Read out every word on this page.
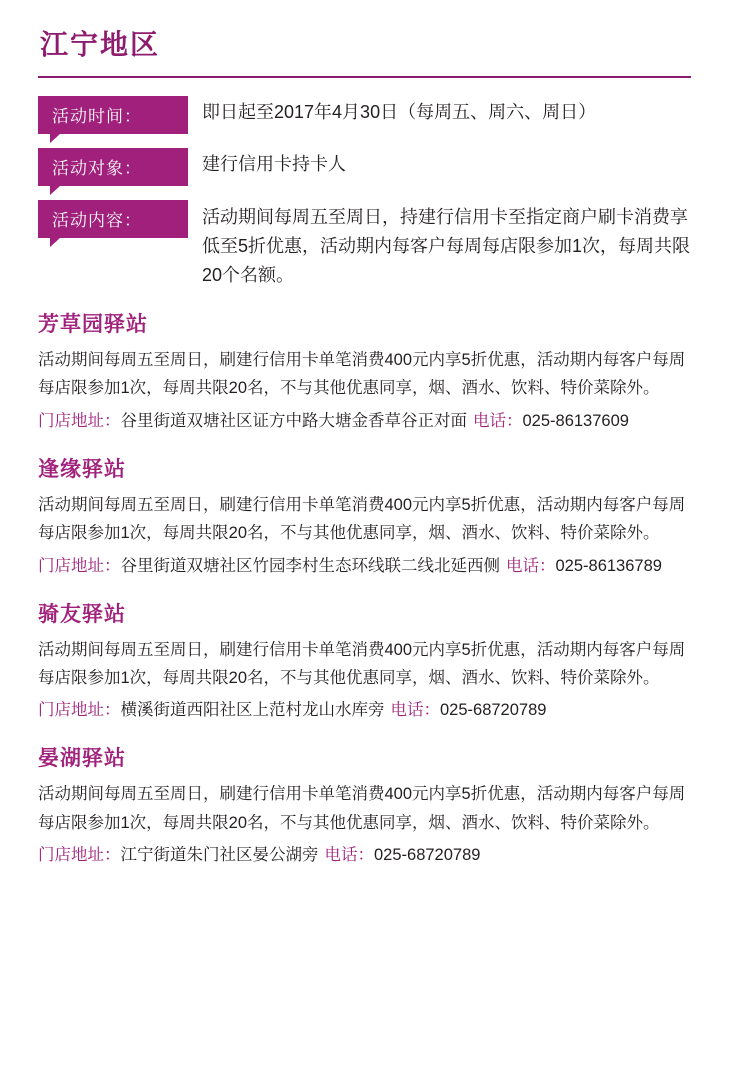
江宁地区
活动时间：	即日起至2017年4月30日（每周五、周六、周日）
活动对象：	建行信用卡持卡人
活动内容：	活动期间每周五至周日，持建行信用卡至指定商户刷卡消费享低至5折优惠，活动期内每客户每周每店限参加1次，每周共限20个名额。
芳草园驿站

活动期间每周五至周日，刷建行信用卡单笔消费400元内享5折优惠，活动期内每客户每周每店限参加1次，每周共限20名，不与其他优惠同享，烟、酒水、饮料、特价菜除外。

门店地址：谷里街道双塘社区证方中路大塘金香草谷正对面 电话：025-86137609
逢缘驿站

活动期间每周五至周日，刷建行信用卡单笔消费400元内享5折优惠，活动期内每客户每周每店限参加1次，每周共限20名，不与其他优惠同享，烟、酒水、饮料、特价菜除外。

门店地址：谷里街道双塘社区竹园李村生态环线联二线北延西侧 电话：025-86136789
骑友驿站

活动期间每周五至周日，刷建行信用卡单笔消费400元内享5折优惠，活动期内每客户每周每店限参加1次，每周共限20名，不与其他优惠同享，烟、酒水、饮料、特价菜除外。

门店地址：横溪街道西阳社区上范村龙山水库旁 电话：025-68720789
晏湖驿站

活动期间每周五至周日，刷建行信用卡单笔消费400元内享5折优惠，活动期内每客户每周每店限参加1次，每周共限20名，不与其他优惠同享，烟、酒水、饮料、特价菜除外。

门店地址：江宁街道朱门社区晏公湖旁 电话：025-68720789
